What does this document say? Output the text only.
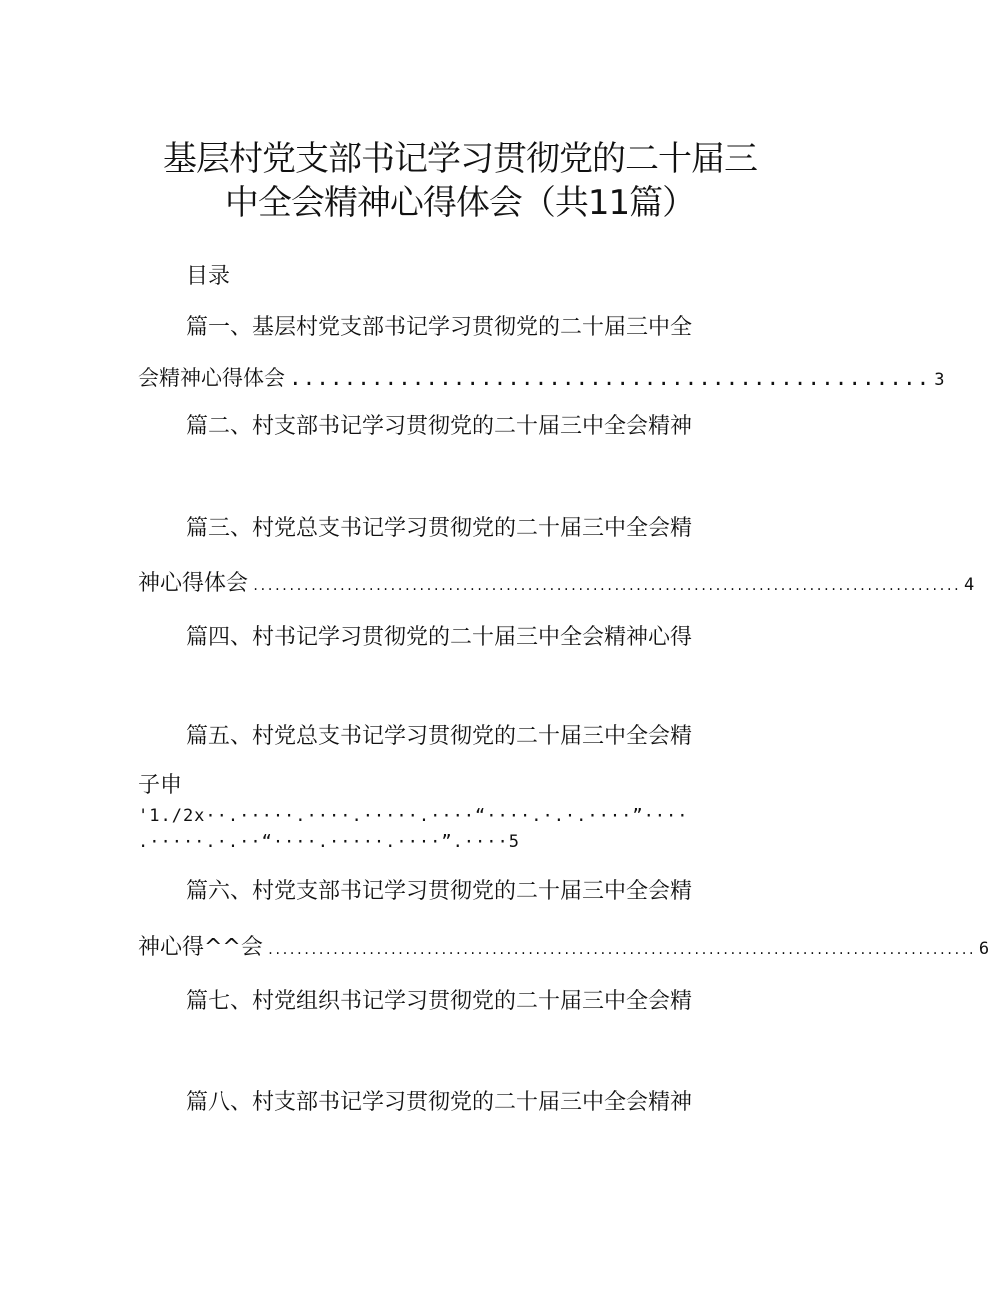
基层村党支部书记学习贯彻党的二十届三
中全会精神心得体会（共11篇）
目录
篇一、基层村党支部书记学习贯彻党的二十届三中全
会精神心得体会 ............................................... 3
篇二、村支部书记学习贯彻党的二十届三中全会精神
篇三、村党总支书记学习贯彻党的二十届三中全会精
神心得体会 .................................................................................................. 4
篇四、村书记学习贯彻党的二十届三中全会精神心得
篇五、村党总支书记学习贯彻党的二十届三中全会精
子申
'1./2x··.·····.····.·····.····“····.·.·.····”····
.·····.·.··“····.·····.····”.····5
篇六、村党支部书记学习贯彻党的二十届三中全会精
神心得^^会 .................................................................................................. 6
篇七、村党组织书记学习贯彻党的二十届三中全会精
篇八、村支部书记学习贯彻党的二十届三中全会精神
